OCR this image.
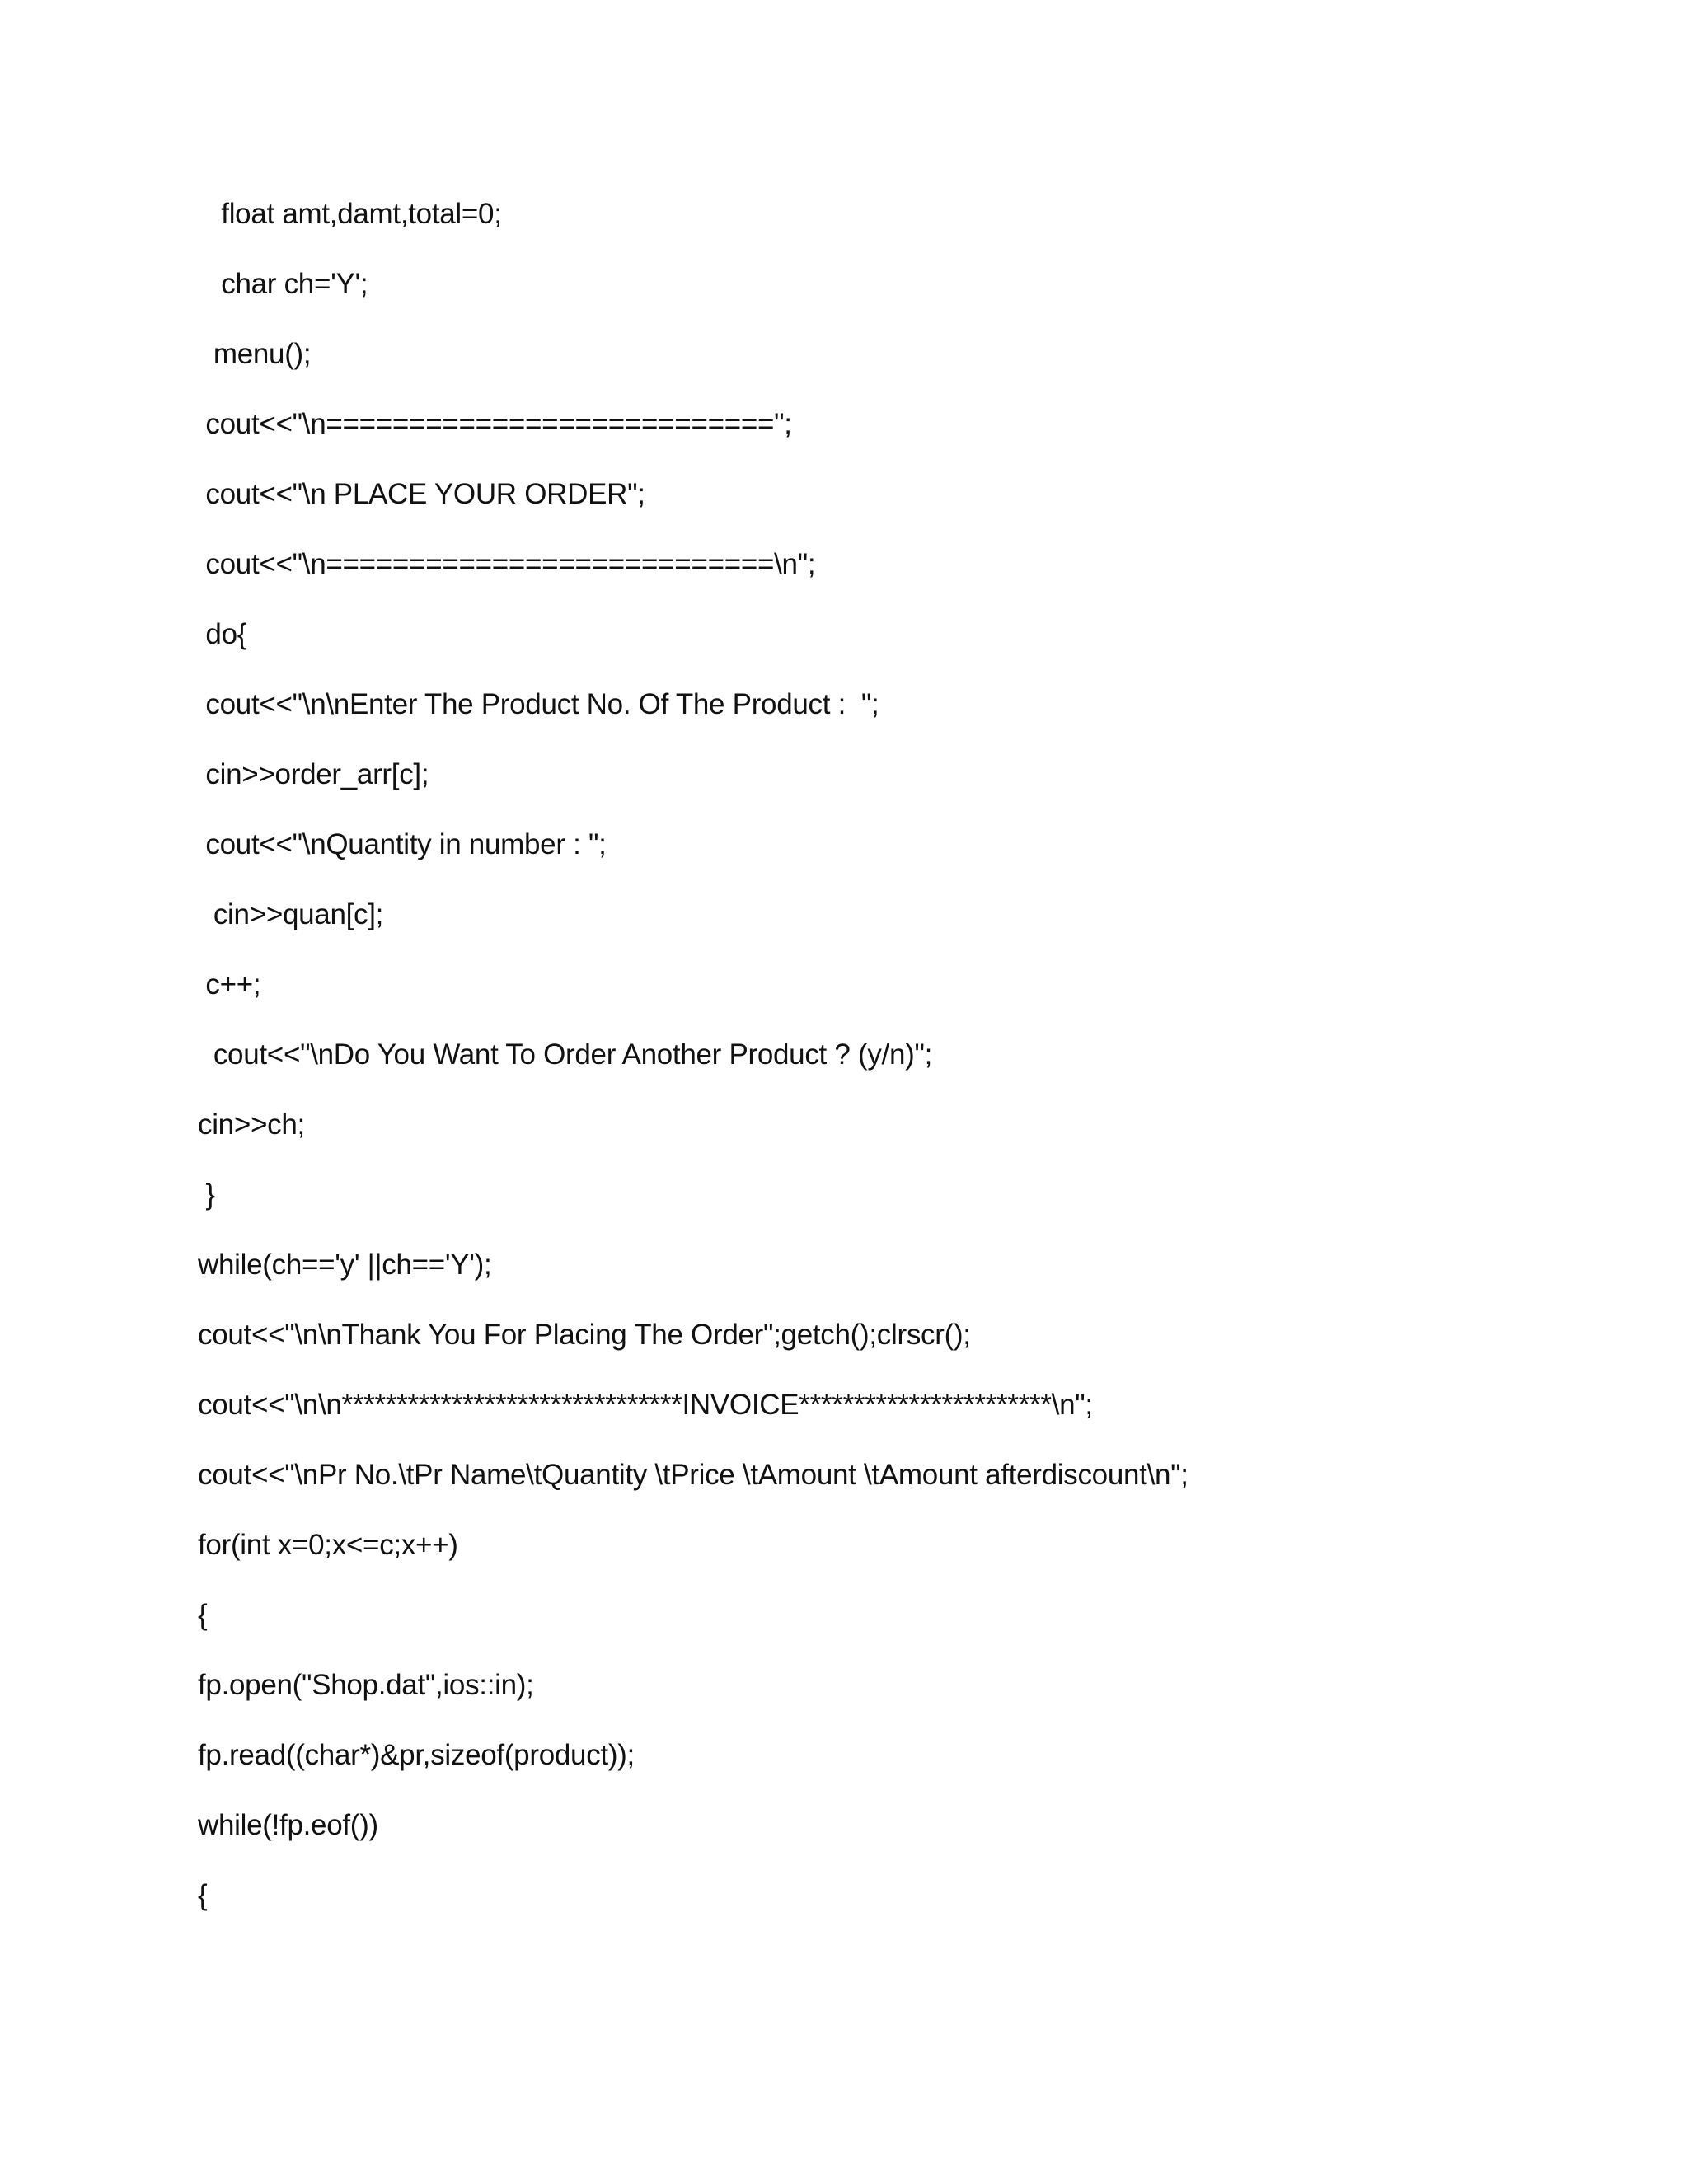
float amt,damt,total=0;
char ch='Y';
menu();
cout<<"\n===========================";
cout<<"\n PLACE YOUR ORDER";
cout<<"\n===========================\n";
do{
cout<<"\n\nEnter The Product No. Of The Product :  ";
cin>>order_arr[c];
cout<<"\nQuantity in number : ";
cin>>quan[c];
c++;
cout<<"\nDo You Want To Order Another Product ? (y/n)";
cin>>ch;
}
while(ch=='y' ||ch=='Y');
cout<<"\n\nThank You For Placing The Order";getch();clrscr();
cout<<"\n\n*******************************INVOICE***********************\n";
cout<<"\nPr No.\tPr Name\tQuantity \tPrice \tAmount \tAmount afterdiscount\n";
for(int x=0;x<=c;x++)
{
fp.open("Shop.dat",ios::in);
fp.read((char*)&pr,sizeof(product));
while(!fp.eof())
{
